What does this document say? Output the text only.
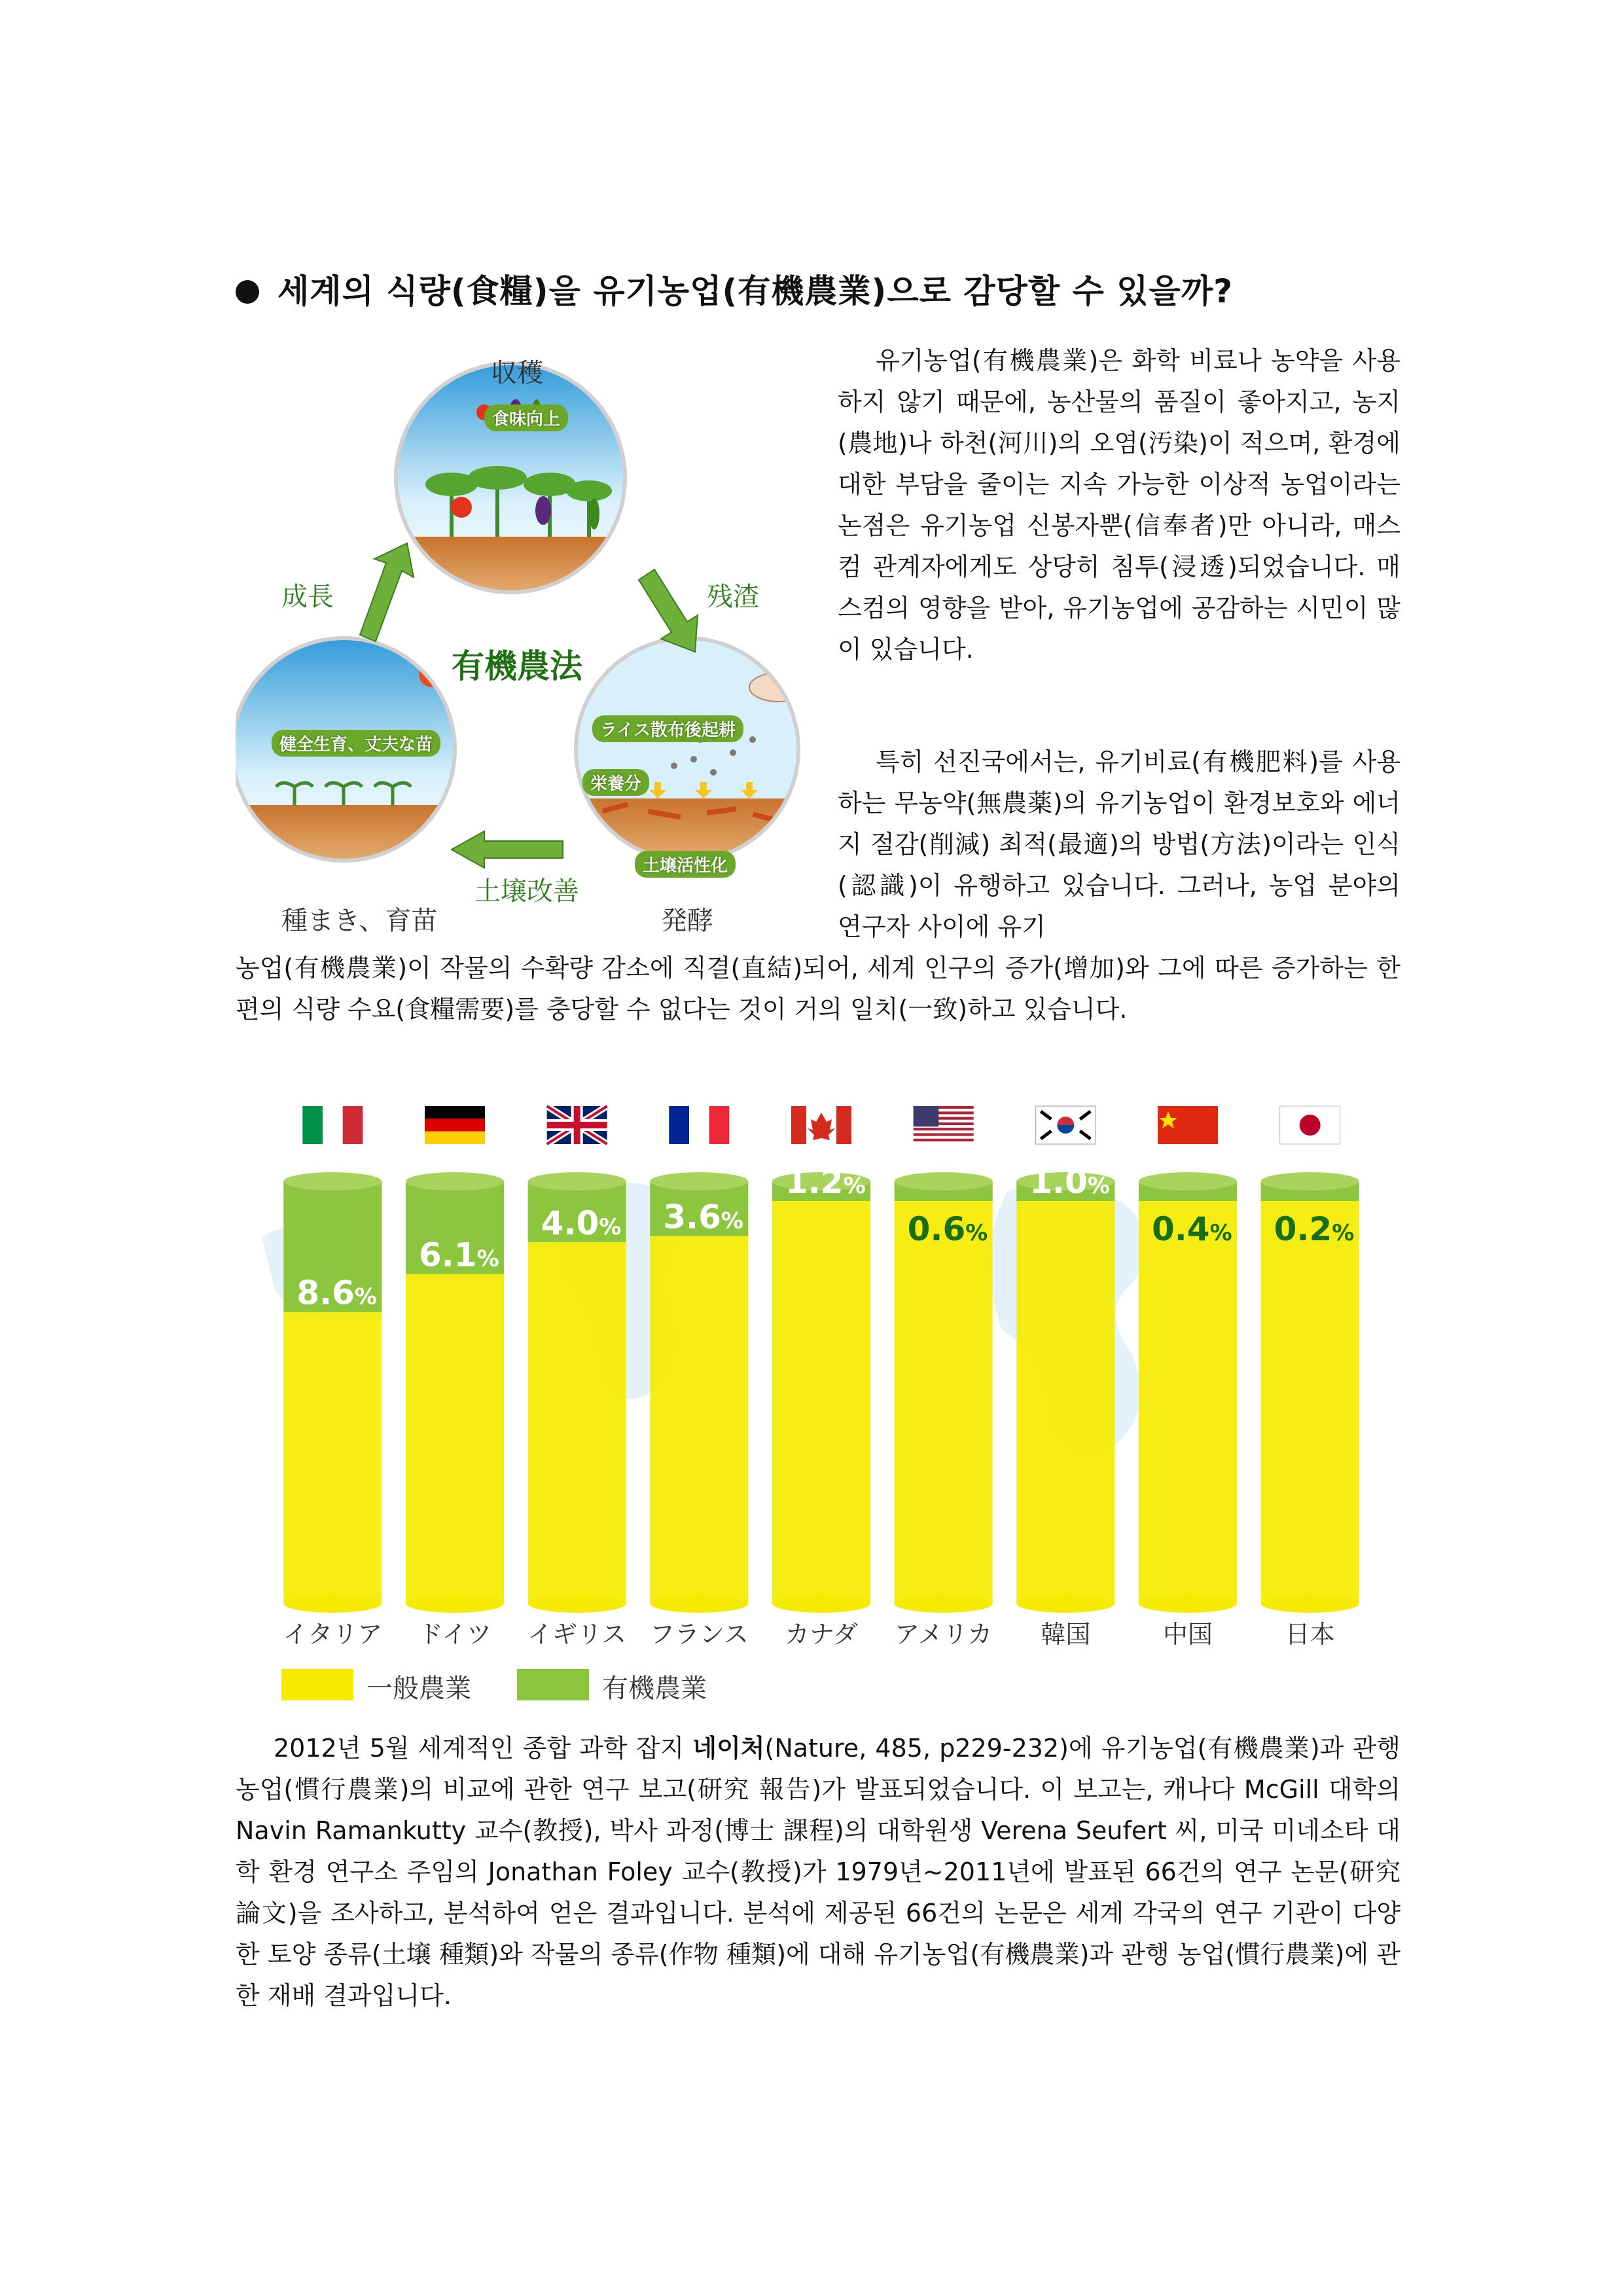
세계의 식량(食糧)을 유기농업(有機農業)으로 감당할 수 있을까?
収穫
食味向上
成長	残渣
有機農法
健全生育、丈夫な苗
ライス散布後起耕
栄養分
土壌活性化
土壌改善
種まき、育苗	発酵
유기농업(有機農業)은 화학 비료나 농약을 사용하지 않기 때문에, 농산물의 품질이 좋아지고, 농지(農地)나 하천(河川)의 오염(汚染)이 적으며, 환경에 대한 부담을 줄이는 지속 가능한 이상적 농업이라는 논점은 유기농업 신봉자뿐(信奉者)만 아니라, 매스컴 관계자에게도 상당히 침투(浸透)되었습니다. 매스컴의 영향을 받아, 유기농업에 공감하는 시민이 많이 있습니다.
특히 선진국에서는, 유기비료(有機肥料)를 사용하는 무농약(無農薬)의 유기농업이 환경보호와 에너지 절감(削減) 최적(最適)의 방법(方法)이라는 인식(認識)이 유행하고 있습니다. 그러나, 농업 분야의 연구자 사이에 유기
농업(有機農業)이 작물의 수확량 감소에 직결(直結)되어, 세계 인구의 증가(增加)와 그에 따른 증가하는 한편의 식량 수요(食糧需要)를 충당할 수 없다는 것이 거의 일치(一致)하고 있습니다.
8.6%
イタリア
6.1%
ドイツ
4.0%
イギリス
3.6%
フランス
1.2%
カナダ
0.6%
アメリカ
1.0%
韓国
0.4%
中国
0.2%
日本
一般農業	有機農業
2012년 5월 세계적인 종합 과학 잡지 네이처(Nature, 485, p229-232)에 유기농업(有機農業)과 관행 농업(慣行農業)의 비교에 관한 연구 보고(研究 報告)가 발표되었습니다. 이 보고는, 캐나다 McGill 대학의 Navin Ramankutty 교수(教授), 박사 과정(博士 課程)의 대학원생 Verena Seufert 씨, 미국 미네소타 대학 환경 연구소 주임의 Jonathan Foley 교수(教授)가 1979년~2011년에 발표된 66건의 연구 논문(研究 論文)을 조사하고, 분석하여 얻은 결과입니다. 분석에 제공된 66건의 논문은 세계 각국의 연구 기관이 다양한 토양 종류(土壌 種類)와 작물의 종류(作物 種類)에 대해 유기농업(有機農業)과 관행 농업(慣行農業)에 관한 재배 결과입니다.
